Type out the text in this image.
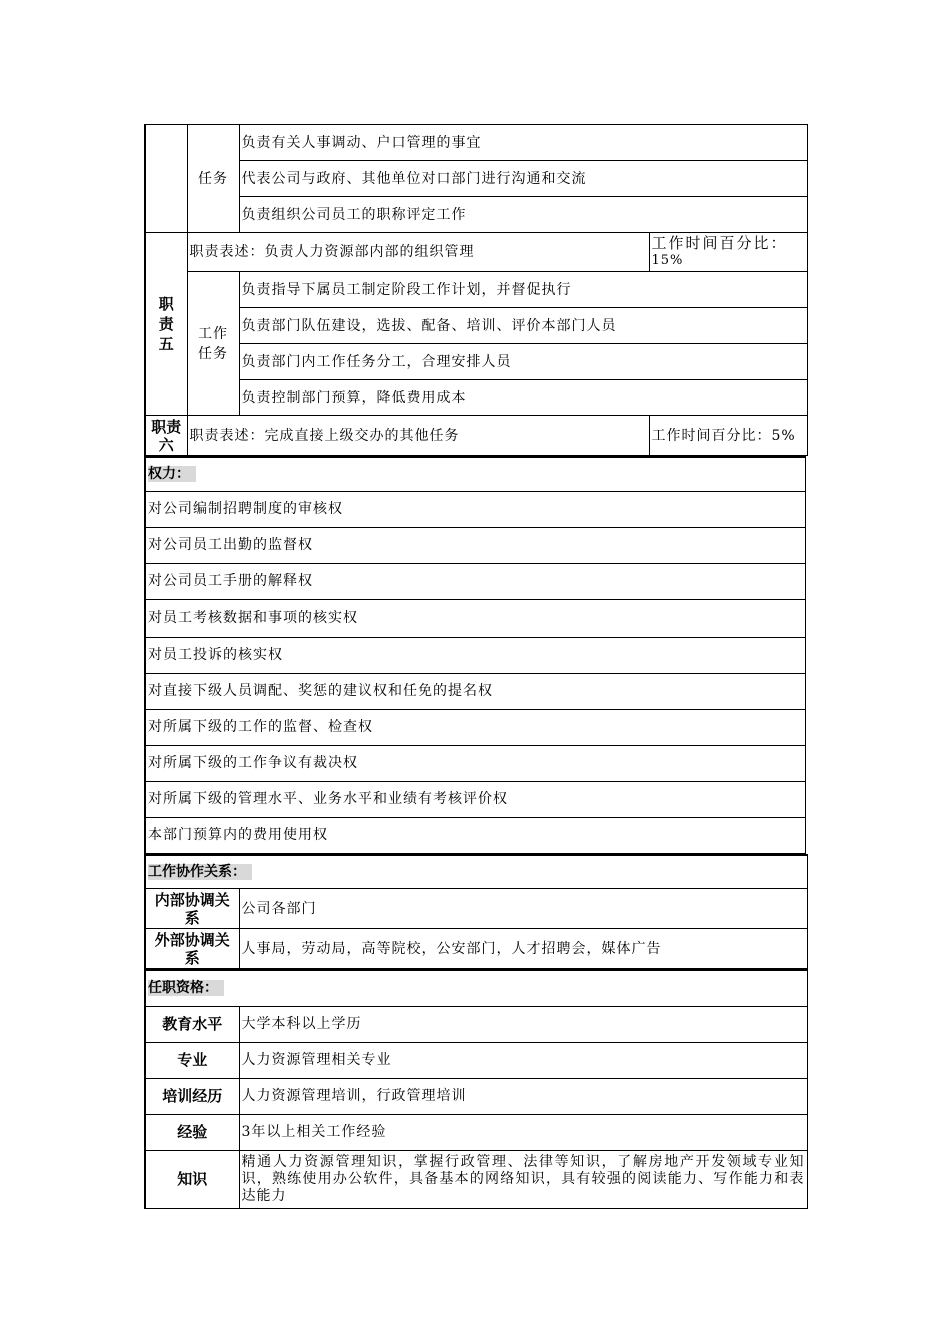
	任务	负责有关人事调动、户口管理的事宜	
		代表公司与政府、其他单位对口部门进行沟通和交流	
		负责组织公司员工的职称评定工作	

职责五	职责表述：负责人力资源部内部的组织管理		工作时间百分比：
15%

	工作任务	负责指导下属员工制定阶段工作计划，并督促执行	
		负责部门队伍建设，选拔、配备、培训、评价本部门人员	
		负责部门内工作任务分工，合理安排人员	
		负责控制部门预算，降低费用成本	

职责六	职责表述：完成直接上级交办的其他任务		工作时间百分比：5%
权力：
对公司编制招聘制度的审核权
对公司员工出勤的监督权
对公司员工手册的解释权
对员工考核数据和事项的核实权
对员工投诉的核实权
对直接下级人员调配、奖惩的建议权和任免的提名权
对所属下级的工作的监督、检查权
对所属下级的工作争议有裁决权
对所属下级的管理水平、业务水平和业绩有考核评价权
本部门预算内的费用使用权
工作协作关系：	
内部协调关系	公司各部门
外部协调关系	人事局，劳动局，高等院校，公安部门，人才招聘会，媒体广告
任职资格：	
教育水平	大学本科以上学历
专业	人力资源管理相关专业
培训经历	人力资源管理培训，行政管理培训
经验	3年以上相关工作经验
知识	精通人力资源管理知识，掌握行政管理、法律等知识，了解房地产开发领域专业知识，熟练使用办公软件，具备基本的网络知识，具有较强的阅读能力、写作能力和表达能力
